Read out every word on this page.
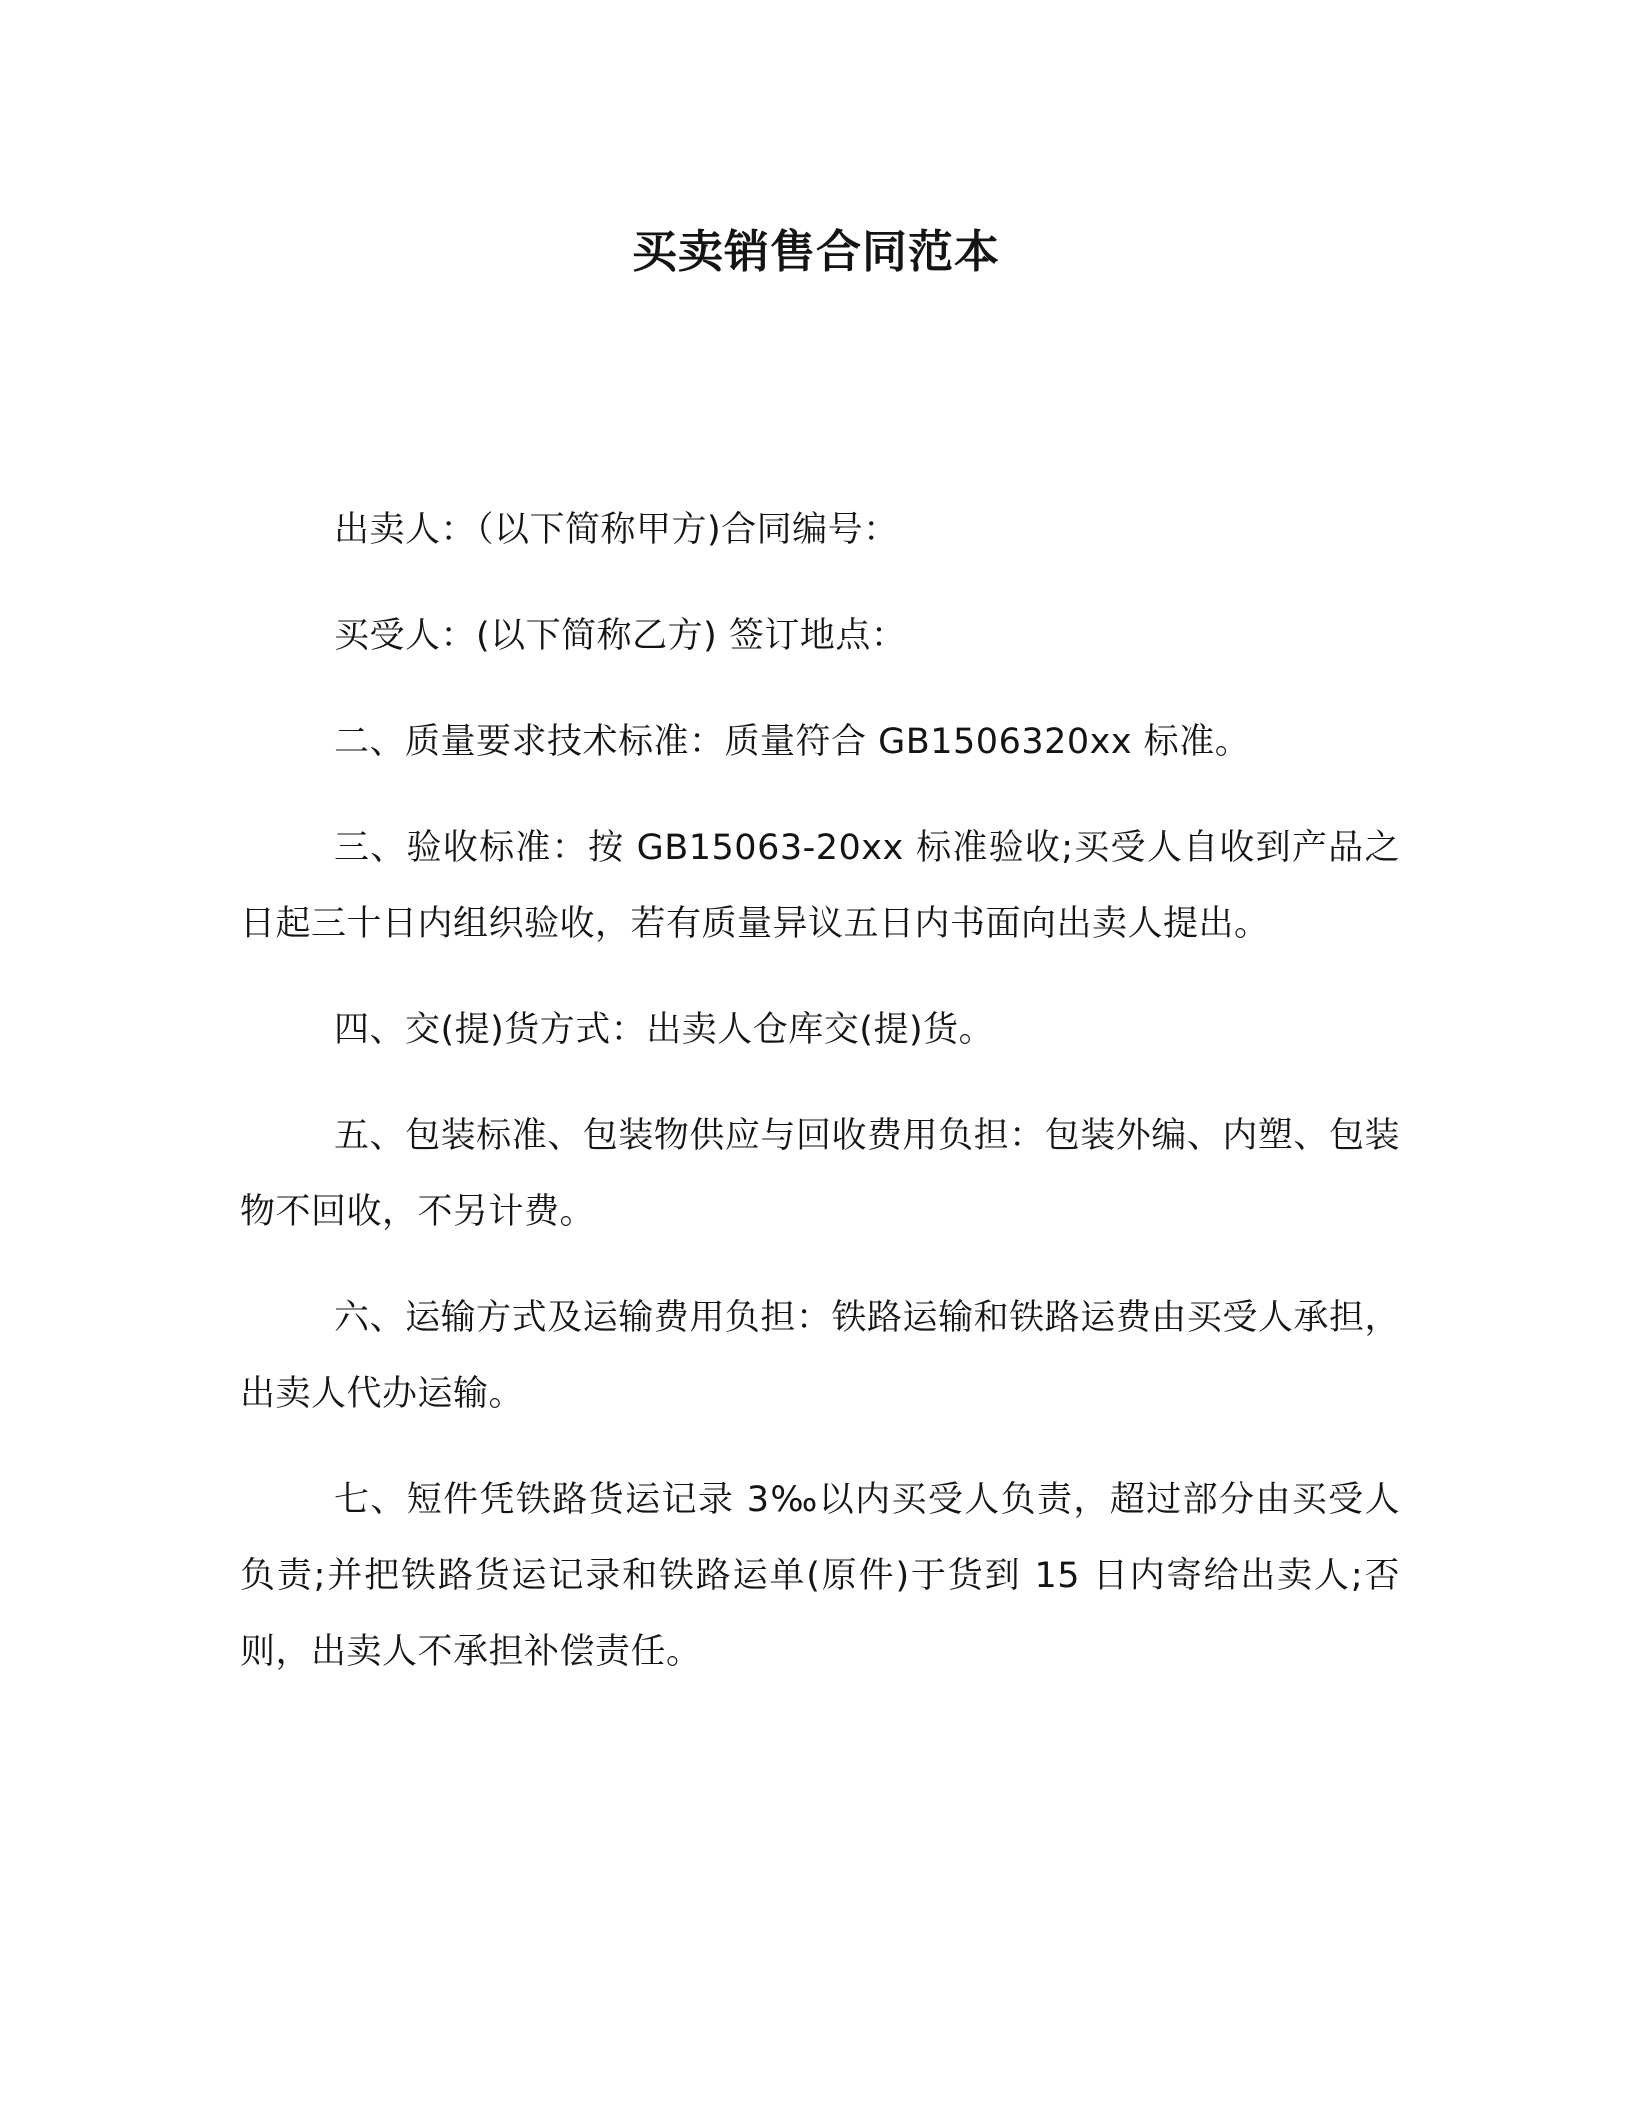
买卖销售合同范本

出卖人：（以下简称甲方)合同编号：

买受人：(以下简称乙方) 签订地点：

二、质量要求技术标准：质量符合 GB1506320xx 标准。

三、验收标准：按 GB15063-20xx 标准验收;买受人自收到产品之日起三十日内组织验收，若有质量异议五日内书面向出卖人提出。

四、交(提)货方式：出卖人仓库交(提)货。

五、包装标准、包装物供应与回收费用负担：包装外编、内塑、包装物不回收，不另计费。

六、运输方式及运输费用负担：铁路运输和铁路运费由买受人承担，出卖人代办运输。

七、短件凭铁路货运记录 3‰以内买受人负责，超过部分由买受人负责;并把铁路货运记录和铁路运单(原件)于货到 15 日内寄给出卖人;否则，出卖人不承担补偿责任。
